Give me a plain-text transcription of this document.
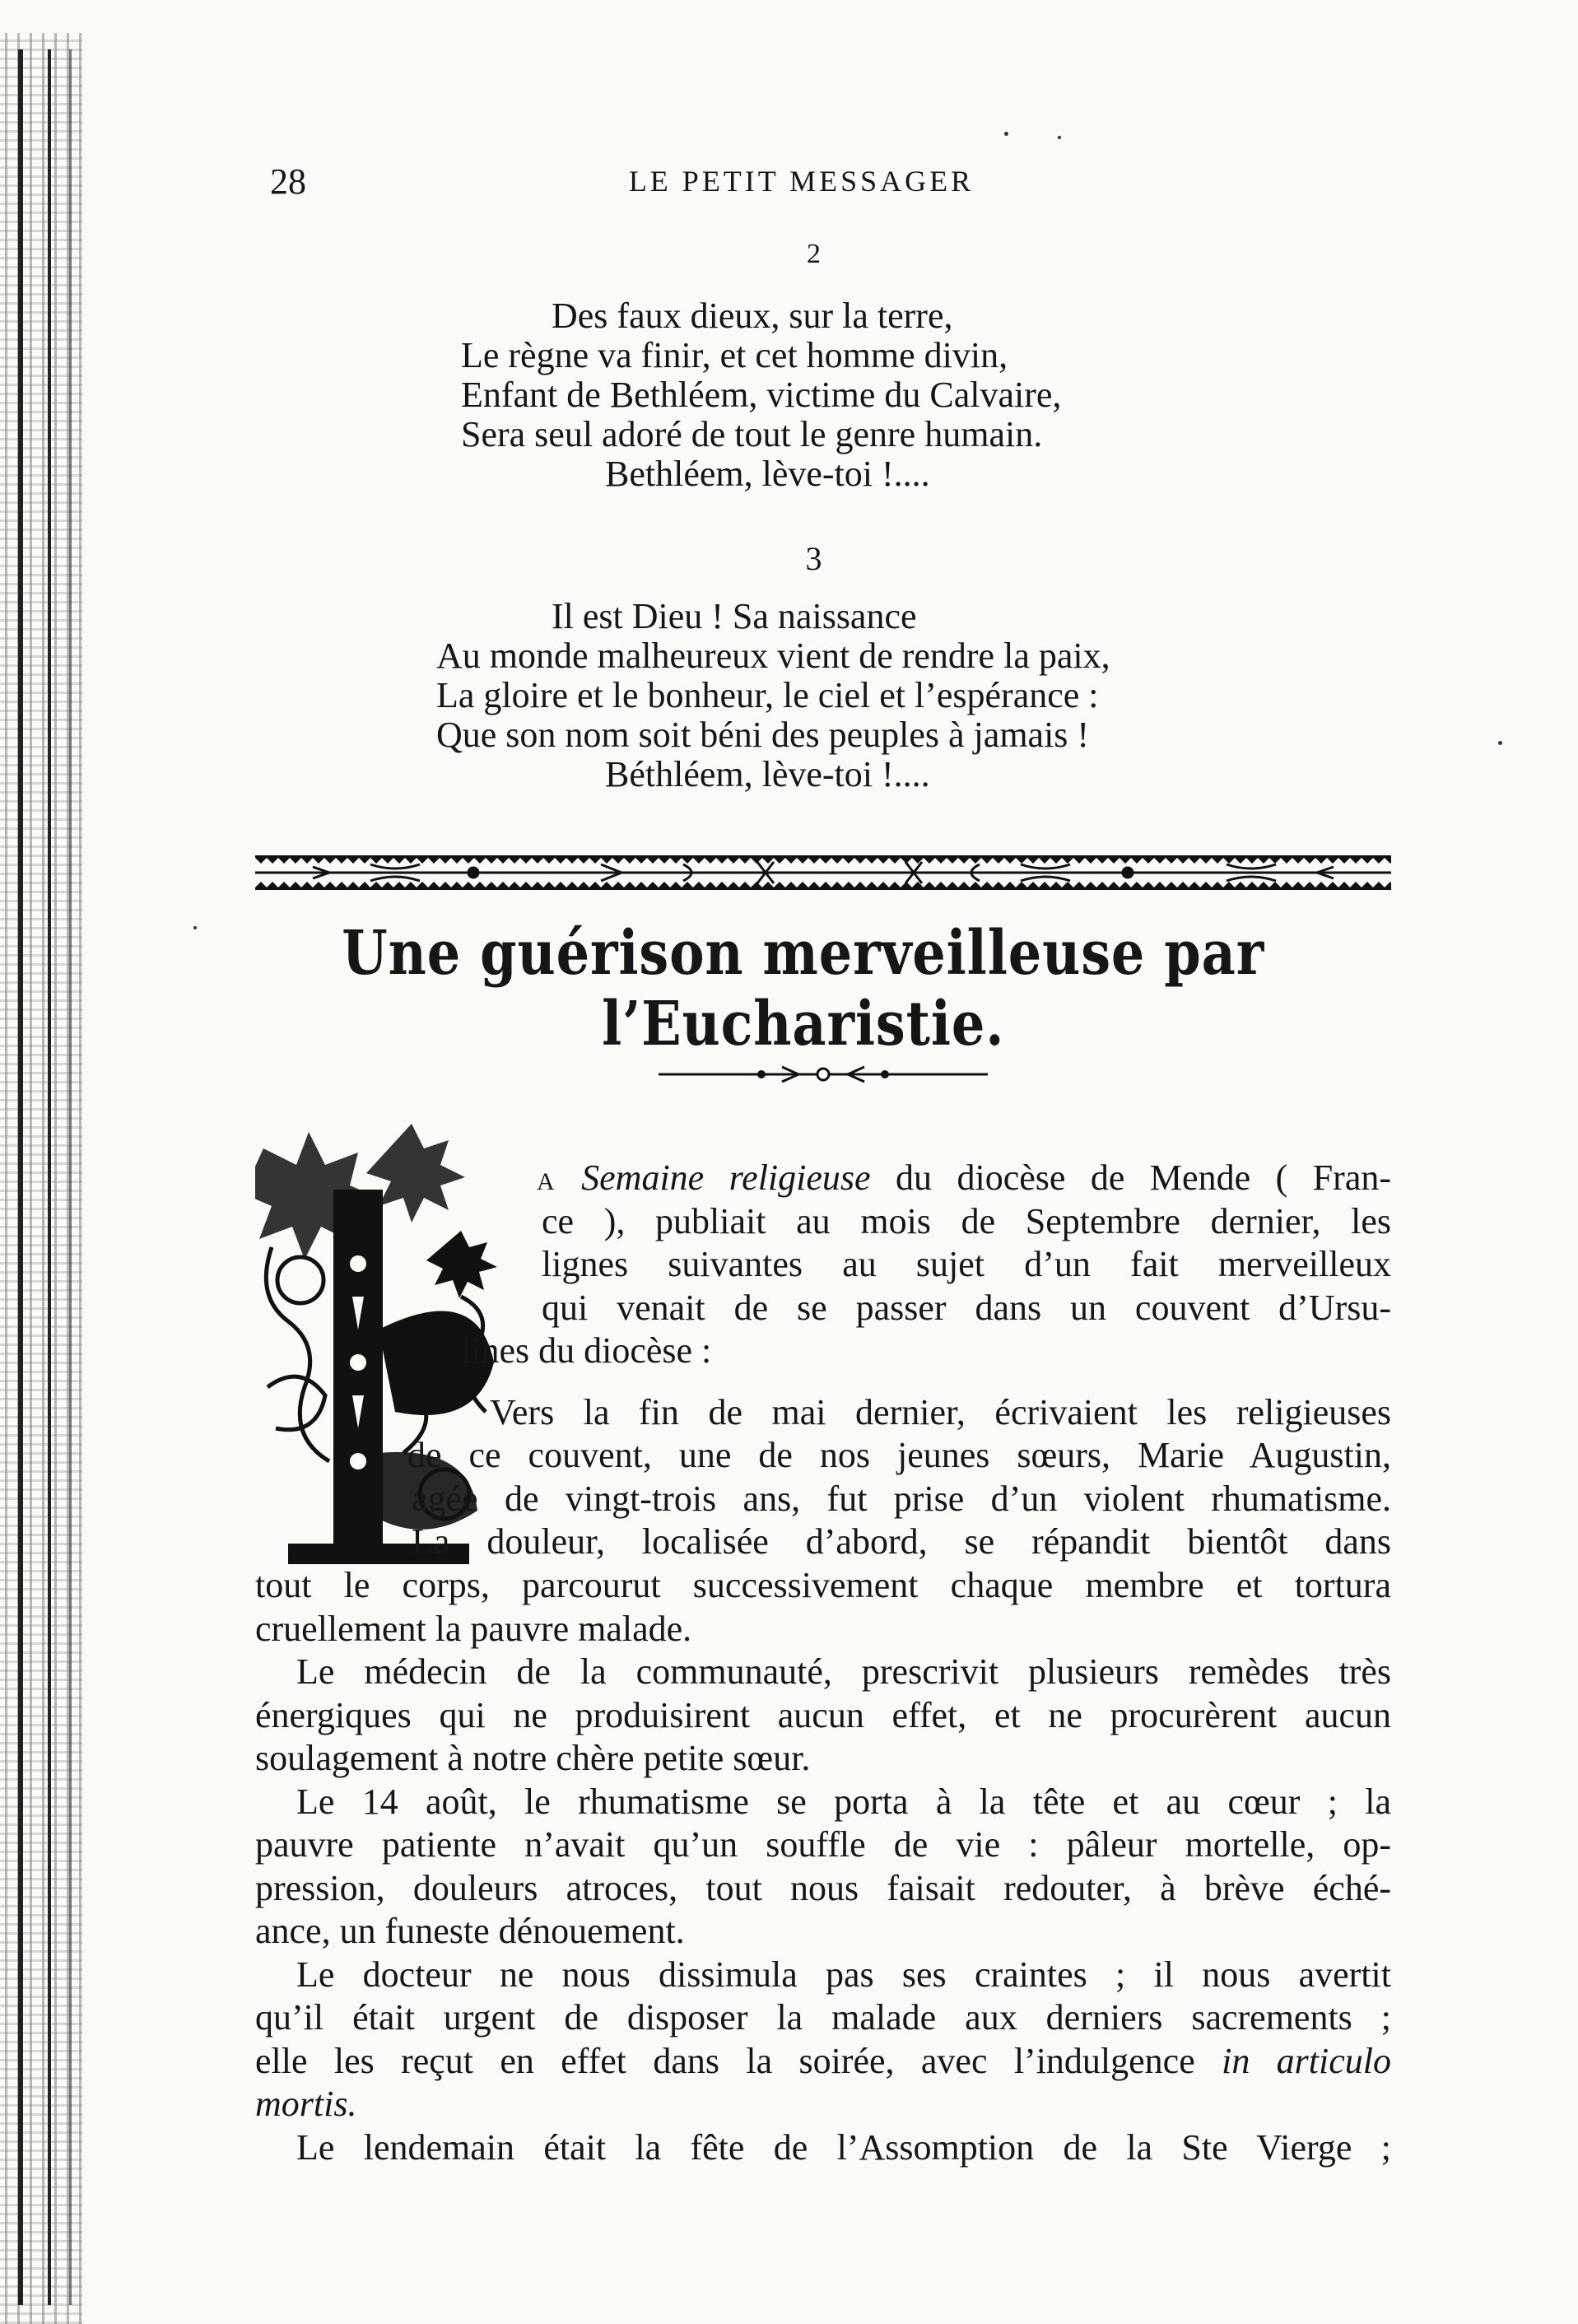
28	LE PETIT MESSAGER
2
Des faux dieux, sur la terre,
Le règne va finir, et cet homme divin,
Enfant de Bethléem, victime du Calvaire,
Sera seul adoré de tout le genre humain.
Bethléem, lève-toi !....
3
Il est Dieu ! Sa naissance
Au monde malheureux vient de rendre la paix,
La gloire et le bonheur, le ciel et l’espérance :
Que son nom soit béni des peuples à jamais !
Béthléem, lève-toi !....
Une guérison merveilleuse par l’Eucharistie.
A Semaine religieuse du diocèse de Mende ( Fran-
ce ), publiait au mois de Septembre dernier, les
lignes suivantes au sujet d’un fait merveilleux
qui venait de se passer dans un couvent d’Ursu-
lines du diocèse :
Vers la fin de mai dernier, écrivaient les religieuses
de ce couvent, une de nos jeunes sœurs, Marie Augustin,
agée de vingt-trois ans, fut prise d’un violent rhumatisme.
La douleur, localisée d’abord, se répandit bientôt dans
tout le corps, parcourut successivement chaque membre et tortura
cruellement la pauvre malade.
Le médecin de la communauté, prescrivit plusieurs remèdes très
énergiques qui ne produisirent aucun effet, et ne procurèrent aucun
soulagement à notre chère petite sœur.
Le 14 août, le rhumatisme se porta à la tête et au cœur ; la
pauvre patiente n’avait qu’un souffle de vie : pâleur mortelle, op-
pression, douleurs atroces, tout nous faisait redouter, à brève éché-
ance, un funeste dénouement.
Le docteur ne nous dissimula pas ses craintes ; il nous avertit
qu’il était urgent de disposer la malade aux derniers sacrements ;
elle les reçut en effet dans la soirée, avec l’indulgence in articulo
mortis.
Le lendemain était la fête de l’Assomption de la Ste Vierge ;
